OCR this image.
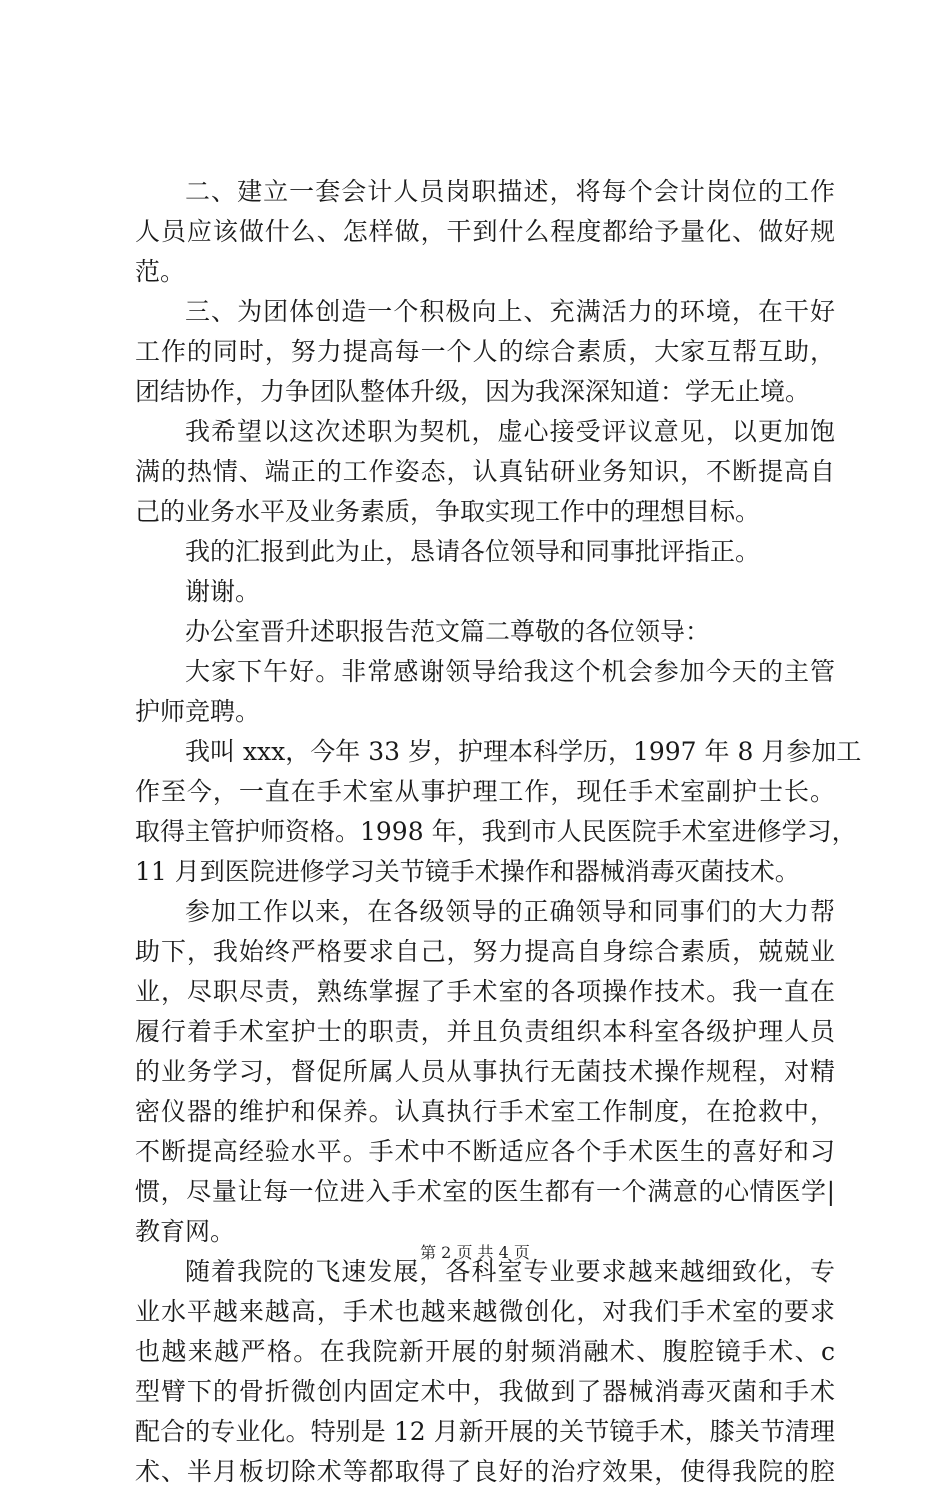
二、建立一套会计人员岗职描述，将每个会计岗位的工作
人员应该做什么、怎样做，干到什么程度都给予量化、做好规
范。
三、为团体创造一个积极向上、充满活力的环境，在干好
工作的同时，努力提高每一个人的综合素质，大家互帮互助，
团结协作，力争团队整体升级，因为我深深知道：学无止境。
我希望以这次述职为契机，虚心接受评议意见，以更加饱
满的热情、端正的工作姿态，认真钻研业务知识，不断提高自
己的业务水平及业务素质，争取实现工作中的理想目标。
我的汇报到此为止，恳请各位领导和同事批评指正。
谢谢。
办公室晋升述职报告范文篇二尊敬的各位领导：
大家下午好。非常感谢领导给我这个机会参加今天的主管
护师竞聘。
我叫 xxx，今年 33 岁，护理本科学历，1997 年 8 月参加工
作至今，一直在手术室从事护理工作，现任手术室副护士长。
取得主管护师资格。1998 年，我到市人民医院手术室进修学习，
11 月到医院进修学习关节镜手术操作和器械消毒灭菌技术。
参加工作以来，在各级领导的正确领导和同事们的大力帮
助下，我始终严格要求自己，努力提高自身综合素质，兢兢业
业，尽职尽责，熟练掌握了手术室的各项操作技术。我一直在
履行着手术室护士的职责，并且负责组织本科室各级护理人员
的业务学习，督促所属人员从事执行无菌技术操作规程，对精
密仪器的维护和保养。认真执行手术室工作制度，在抢救中，
不断提高经验水平。手术中不断适应各个手术医生的喜好和习
惯，尽量让每一位进入手术室的医生都有一个满意的心情医学|
教育网。
随着我院的飞速发展，各科室专业要求越来越细致化，专
业水平越来越高，手术也越来越微创化，对我们手术室的要求
也越来越严格。在我院新开展的射频消融术、腹腔镜手术、c
型臂下的骨折微创内固定术中，我做到了器械消毒灭菌和手术
配合的专业化。特别是 12 月新开展的关节镜手术，膝关节清理
术、半月板切除术等都取得了良好的治疗效果，使得我院的腔
第 2 页 共 4 页
